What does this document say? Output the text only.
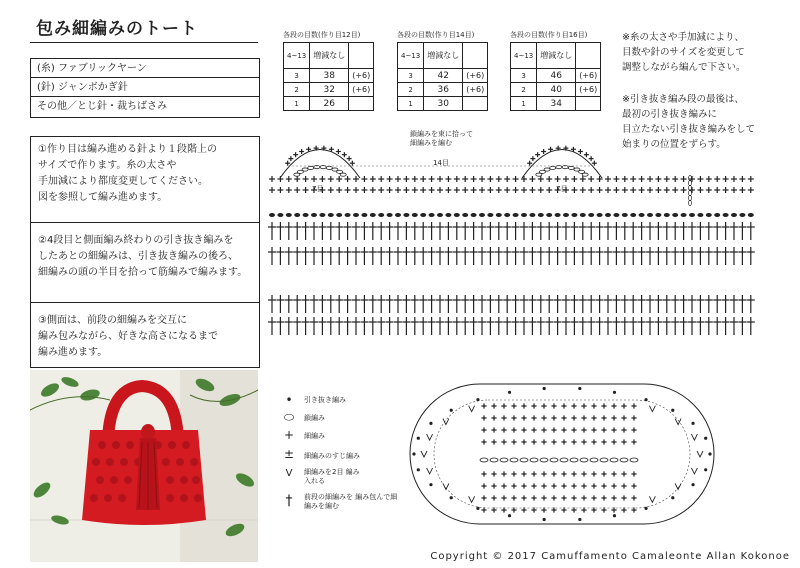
包み細編みのトート
(糸) ファブリックヤーン
(針) ジャンボかぎ針
その他／とじ針・裁ちばさみ
①作り目は編み進める針より１段階上の
サイズで作ります。糸の太さや
手加減により都度変更してください。
図を参照して編み進めます。
②4段目と側面編み終わりの引き抜き編みを
したあとの細編みは、引き抜き編みの後ろ、
細編みの頭の半目を拾って筋編みで編みます。
③側面は、前段の細編みを交互に
編み包みながら、好きな高さになるまで
編み進めます。
各段の目数(作り目12目)
4~13	増減なし	
3	38	(+6)
2	32	(+6)
1	26	
各段の目数(作り目14目)
4~13	増減なし	
3	42	(+6)
2	36	(+6)
1	30	
各段の目数(作り目16目)
4~13	増減なし	
3	46	(+6)
2	40	(+6)
1	34	
※糸の太さや手加減により、
目数や針のサイズを変更して
調整しながら編んで下さい。
※引き抜き編み段の最後は、
最初の引き抜き編みに
目立たない引き抜き編みをして
始まりの位置をずらす。
鎖編みを束に拾って
細編みを編む
14目
7目	7目
•	引き抜き編み
⬭ 鎖編み
+ 細編み
± 細編みのすじ編み
V	細編みを2目 編み入れる
†	前段の細編みを 編み包んで細編みを編む
Copyright © 2017 Camuffamento Camaleonte Allan Kokonoe
